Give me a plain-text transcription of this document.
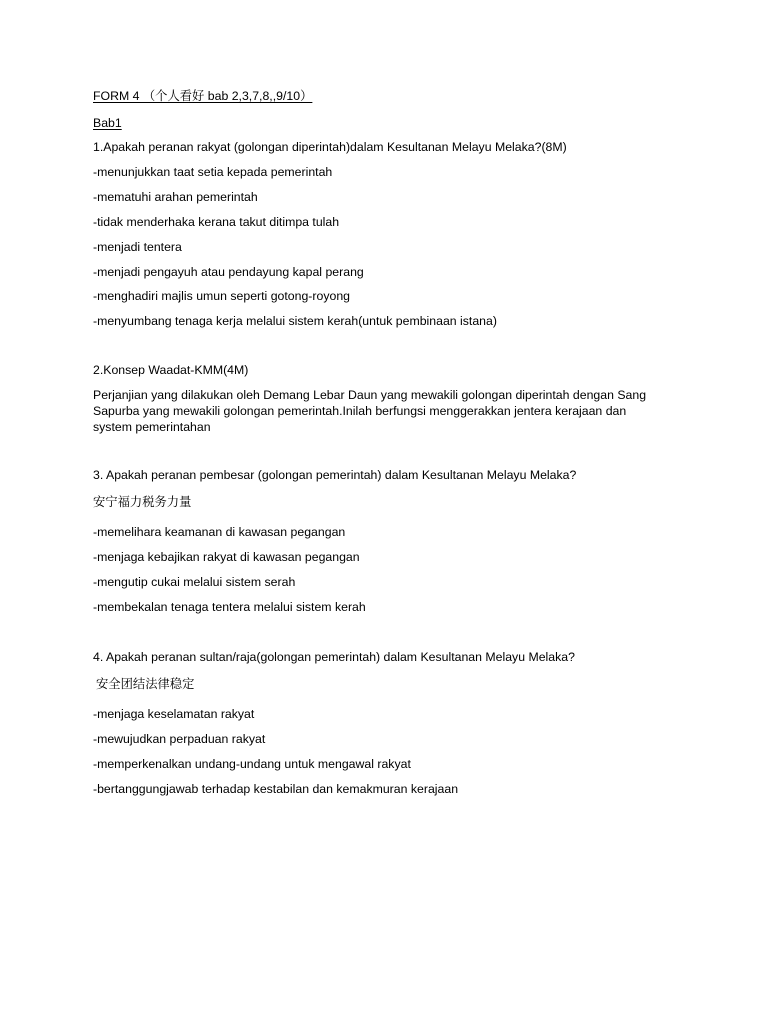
FORM 4 （个人看好 bab 2,3,7,8,,9/10）

Bab1

1.Apakah peranan rakyat (golongan diperintah)dalam Kesultanan Melayu Melaka?(8M)

-menunjukkan taat setia kepada pemerintah

-mematuhi arahan pemerintah

-tidak menderhaka kerana takut ditimpa tulah

-menjadi tentera

-menjadi pengayuh atau pendayung kapal perang

-menghadiri majlis umun seperti gotong-royong

-menyumbang tenaga kerja melalui sistem kerah(untuk pembinaan istana)

2.Konsep Waadat-KMM(4M)

Perjanjian yang dilakukan oleh Demang Lebar Daun yang mewakili golongan diperintah dengan Sang
Sapurba yang mewakili golongan pemerintah.Inilah berfungsi menggerakkan jentera kerajaan dan
system pemerintahan

3. Apakah peranan pembesar (golongan pemerintah) dalam Kesultanan Melayu Melaka?

安宁福力税务力量

-memelihara keamanan di kawasan pegangan

-menjaga kebajikan rakyat di kawasan pegangan

-mengutip cukai melalui sistem serah

-membekalan tenaga tentera melalui sistem kerah

4. Apakah peranan sultan/raja(golongan pemerintah) dalam Kesultanan Melayu Melaka?

安全团结法律稳定

-menjaga keselamatan rakyat

-mewujudkan perpaduan rakyat

-memperkenalkan undang-undang untuk mengawal rakyat

-bertanggungjawab terhadap kestabilan dan kemakmuran kerajaan
